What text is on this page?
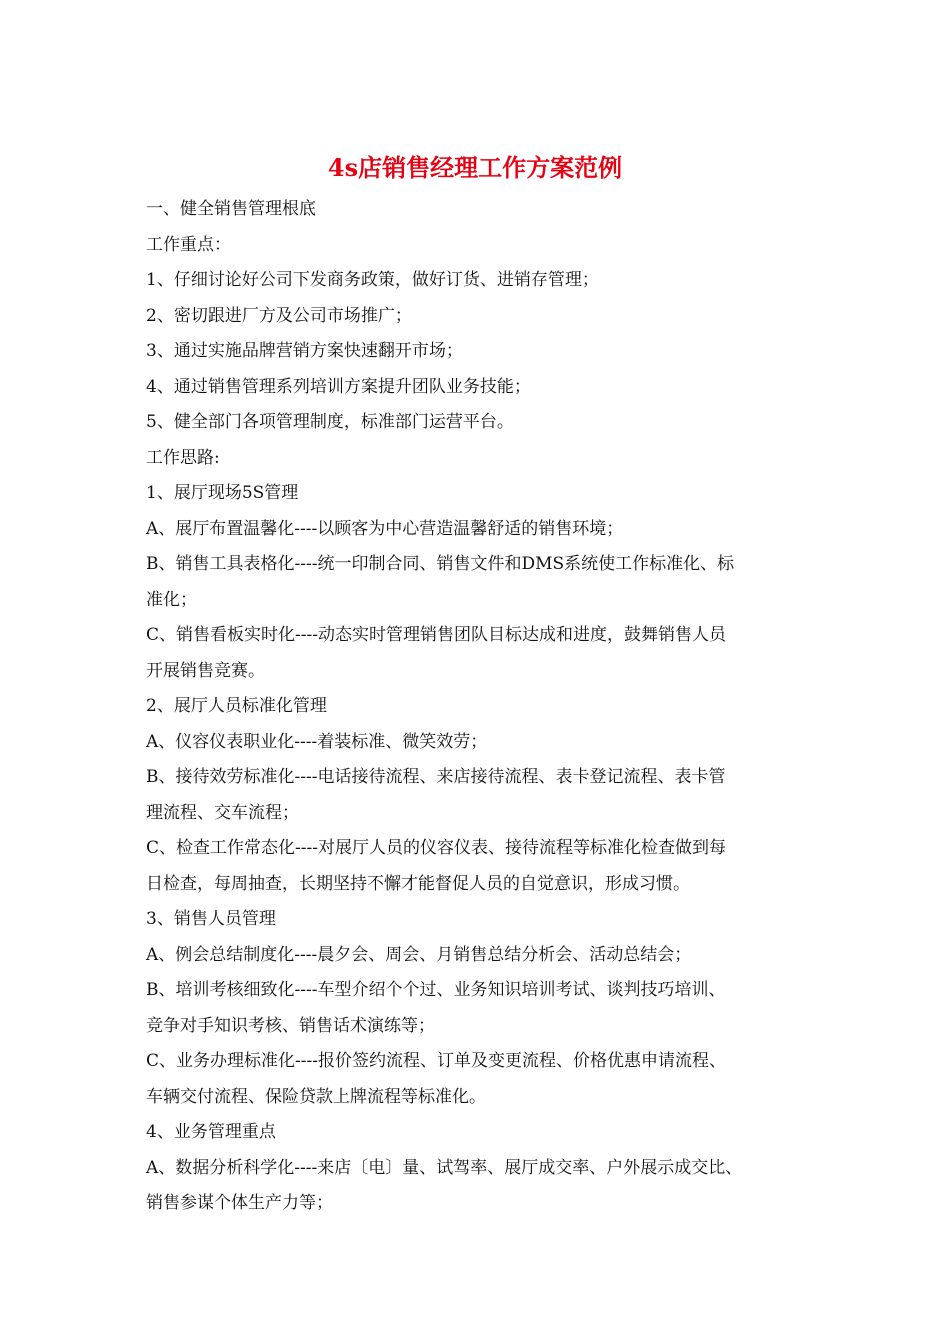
4s店销售经理工作方案范例
一、健全销售管理根底
工作重点：
1、仔细讨论好公司下发商务政策，做好订货、进销存管理；
2、密切跟进厂方及公司市场推广；
3、通过实施品牌营销方案快速翻开市场；
4、通过销售管理系列培训方案提升团队业务技能；
5、健全部门各项管理制度，标准部门运营平台。
工作思路:
1、展厅现场5S管理
A、展厅布置温馨化----以顾客为中心营造温馨舒适的销售环境；
B、销售工具表格化----统一印制合同、销售文件和DMS系统使工作标准化、标
准化；
C、销售看板实时化----动态实时管理销售团队目标达成和进度，鼓舞销售人员
开展销售竞赛。
2、展厅人员标准化管理
A、仪容仪表职业化----着装标准、微笑效劳；
B、接待效劳标准化----电话接待流程、来店接待流程、表卡登记流程、表卡管
理流程、交车流程；
C、检查工作常态化----对展厅人员的仪容仪表、接待流程等标准化检查做到每
日检查，每周抽查，长期坚持不懈才能督促人员的自觉意识，形成习惯。
3、销售人员管理
A、例会总结制度化----晨夕会、周会、月销售总结分析会、活动总结会；
B、培训考核细致化----车型介绍个个过、业务知识培训考试、谈判技巧培训、
竞争对手知识考核、销售话术演练等；
C、业务办理标准化----报价签约流程、订单及变更流程、价格优惠申请流程、
车辆交付流程、保险贷款上牌流程等标准化。
4、业务管理重点
A、数据分析科学化----来店〔电〕量、试驾率、展厅成交率、户外展示成交比、
销售参谋个体生产力等；
